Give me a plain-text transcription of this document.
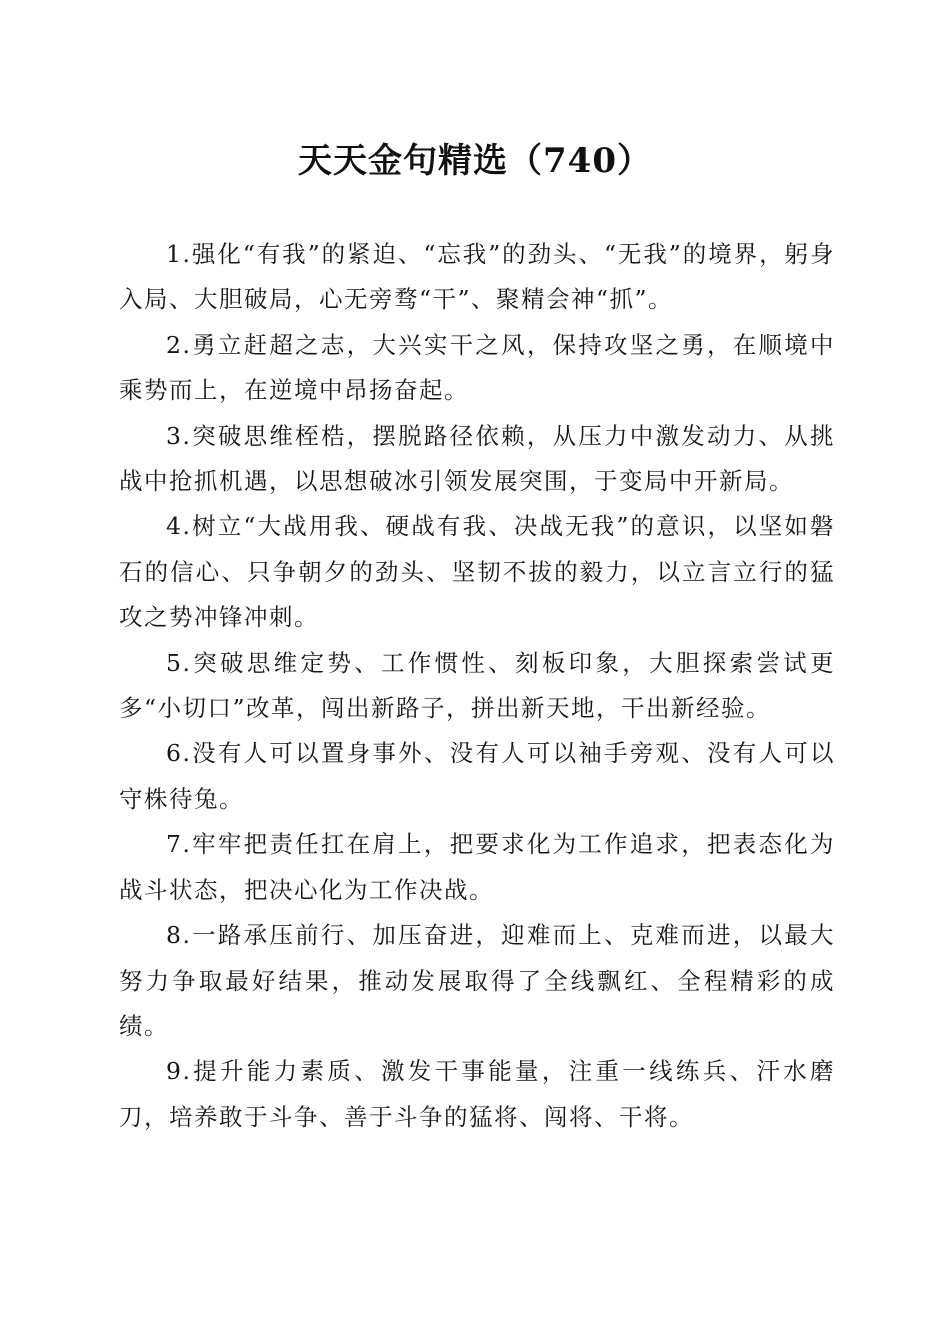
天天金句精选（740）

1.强化“有我”的紧迫、“忘我”的劲头、“无我”的境界，躬身入局、大胆破局，心无旁骛“干”、聚精会神“抓”。

2.勇立赶超之志，大兴实干之风，保持攻坚之勇，在顺境中乘势而上，在逆境中昂扬奋起。

3.突破思维桎梏，摆脱路径依赖，从压力中激发动力、从挑战中抢抓机遇，以思想破冰引领发展突围，于变局中开新局。

4.树立“大战用我、硬战有我、决战无我”的意识，以坚如磐石的信心、只争朝夕的劲头、坚韧不拔的毅力，以立言立行的猛攻之势冲锋冲刺。

5.突破思维定势、工作惯性、刻板印象，大胆探索尝试更多“小切口”改革，闯出新路子，拼出新天地，干出新经验。

6.没有人可以置身事外、没有人可以袖手旁观、没有人可以守株待兔。

7.牢牢把责任扛在肩上，把要求化为工作追求，把表态化为战斗状态，把决心化为工作决战。

8.一路承压前行、加压奋进，迎难而上、克难而进，以最大努力争取最好结果，推动发展取得了全线飘红、全程精彩的成绩。

9.提升能力素质、激发干事能量，注重一线练兵、汗水磨刀，培养敢于斗争、善于斗争的猛将、闯将、干将。
